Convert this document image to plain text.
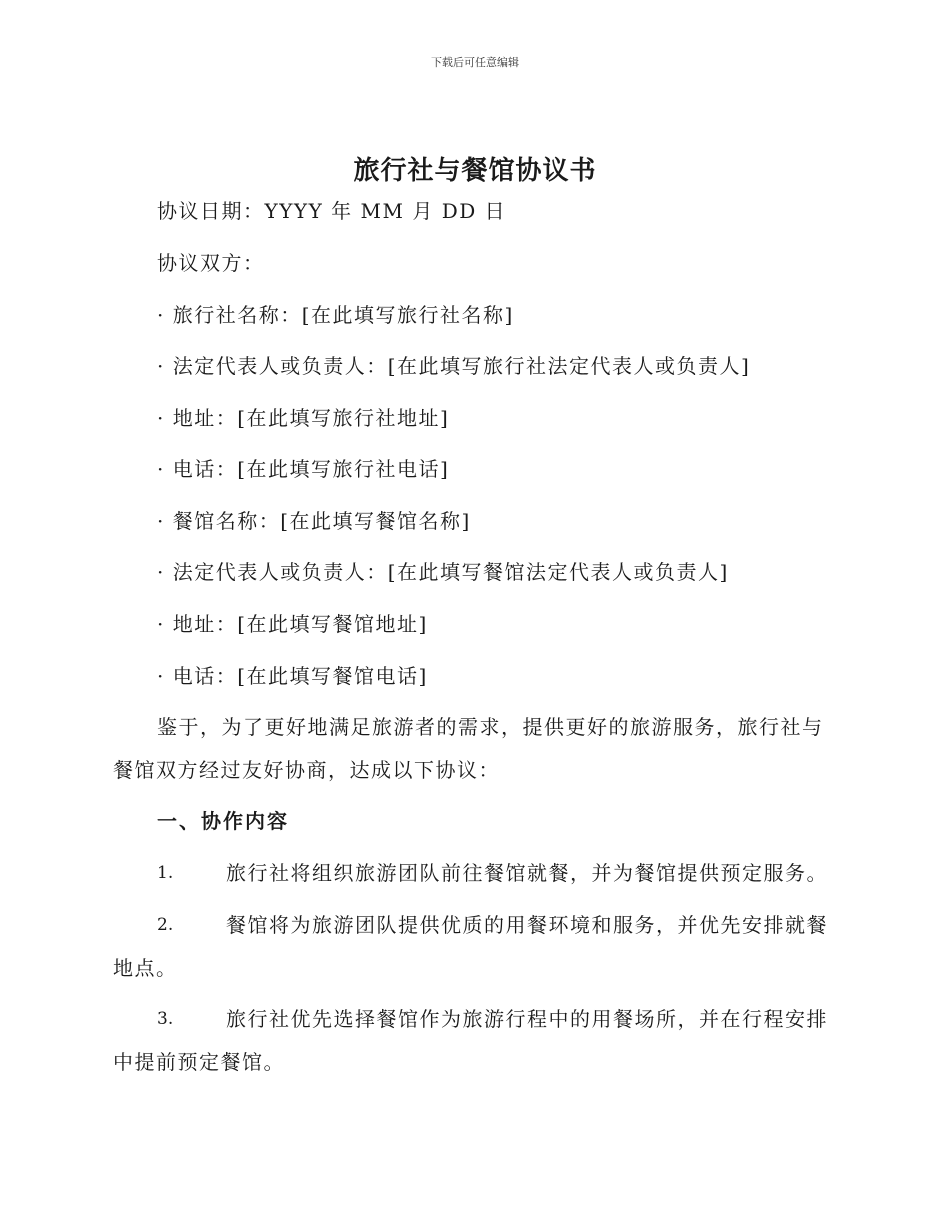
下载后可任意编辑
旅行社与餐馆协议书
协议日期：YYYY 年 MM 月 DD 日
协议双方：
· 旅行社名称：[在此填写旅行社名称]
· 法定代表人或负责人：[在此填写旅行社法定代表人或负责人]
· 地址：[在此填写旅行社地址]
· 电话：[在此填写旅行社电话]
· 餐馆名称：[在此填写餐馆名称]
· 法定代表人或负责人：[在此填写餐馆法定代表人或负责人]
· 地址：[在此填写餐馆地址]
· 电话：[在此填写餐馆电话]
鉴于，为了更好地满足旅游者的需求，提供更好的旅游服务，旅行社与
餐馆双方经过友好协商，达成以下协议：
一、协作内容
1.	旅行社将组织旅游团队前往餐馆就餐，并为餐馆提供预定服务。
2.	餐馆将为旅游团队提供优质的用餐环境和服务，并优先安排就餐
地点。
3.	旅行社优先选择餐馆作为旅游行程中的用餐场所，并在行程安排
中提前预定餐馆。
